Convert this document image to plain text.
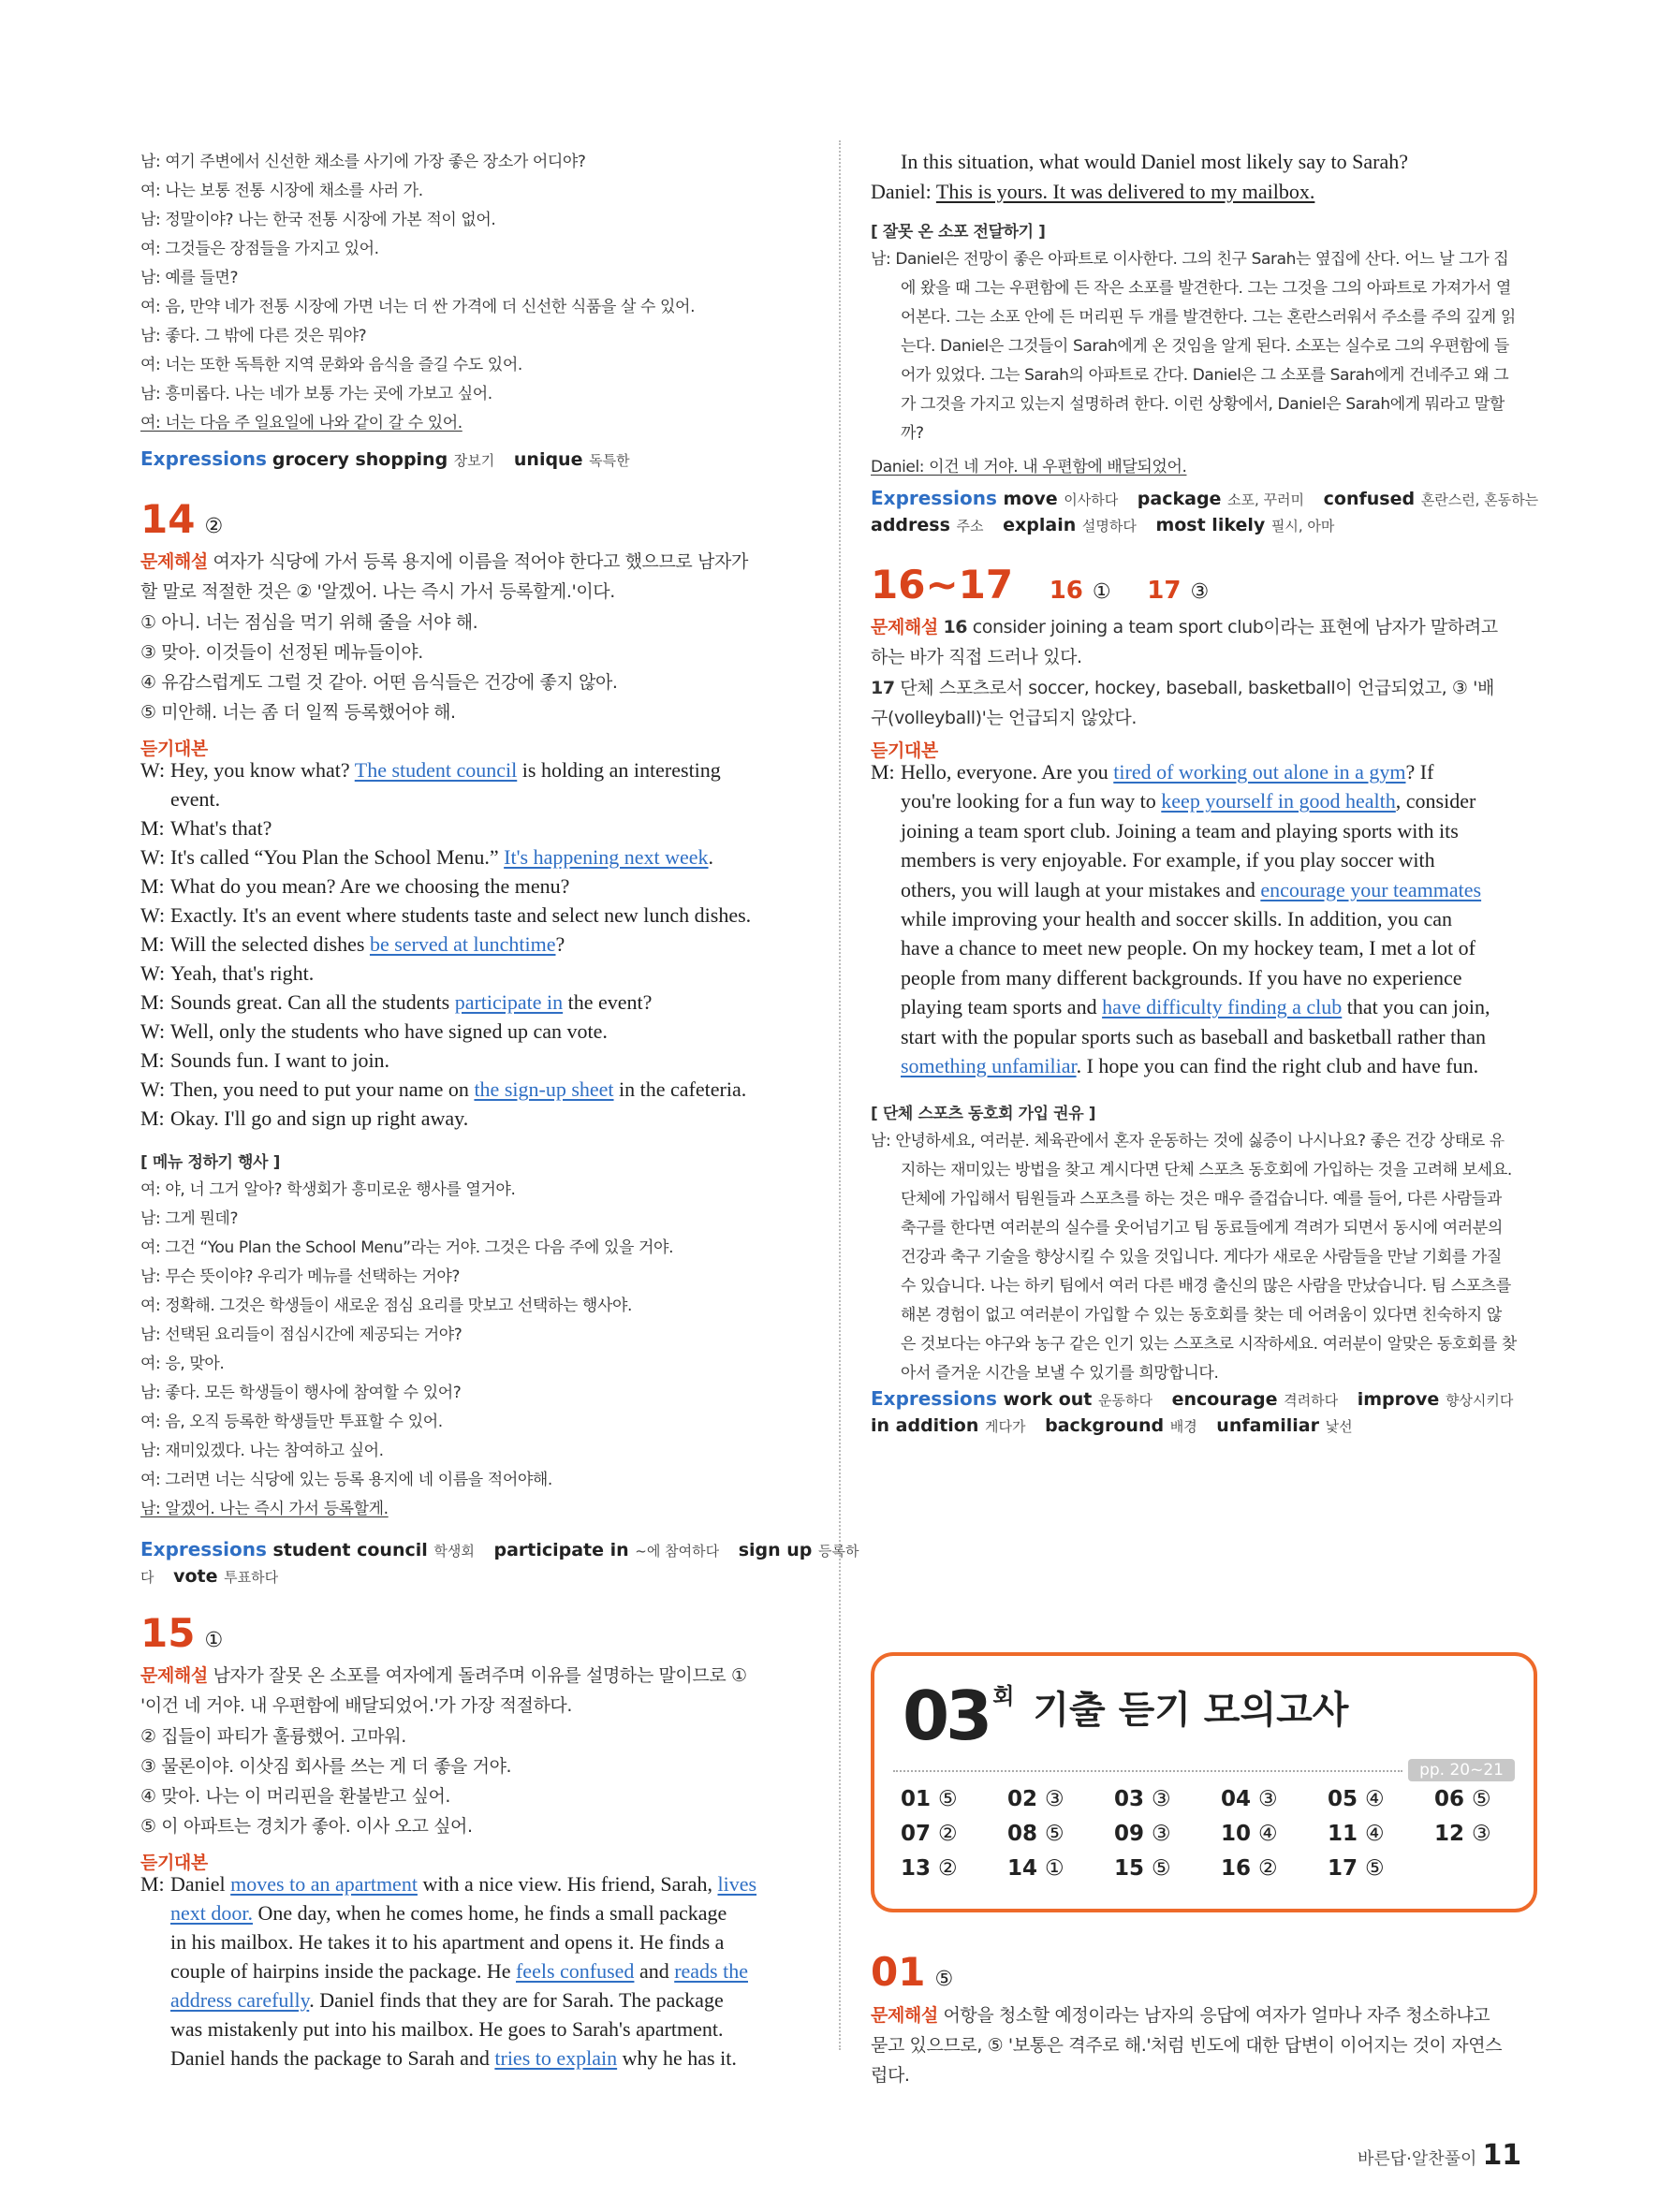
남: 여기 주변에서 신선한 채소를 사기에 가장 좋은 장소가 어디야?
여: 나는 보통 전통 시장에 채소를 사러 가.
남: 정말이야? 나는 한국 전통 시장에 가본 적이 없어.
여: 그것들은 장점들을 가지고 있어.
남: 예를 들면?
여: 음, 만약 네가 전통 시장에 가면 너는 더 싼 가격에 더 신선한 식품을 살 수 있어.
남: 좋다. 그 밖에 다른 것은 뭐야?
여: 너는 또한 독특한 지역 문화와 음식을 즐길 수도 있어.
남: 흥미롭다. 나는 네가 보통 가는 곳에 가보고 싶어.
여: 너는 다음 주 일요일에 나와 같이 갈 수 있어.
Expressions grocery shopping 장보기 unique 독특한
14 ②
문제해설 여자가 식당에 가서 등록 용지에 이름을 적어야 한다고 했으므로 남자가
할 말로 적절한 것은 ② '알겠어. 나는 즉시 가서 등록할게.'이다.
① 아니. 너는 점심을 먹기 위해 줄을 서야 해.
③ 맞아. 이것들이 선정된 메뉴들이야.
④ 유감스럽게도 그럴 것 같아. 어떤 음식들은 건강에 좋지 않아.
⑤ 미안해. 너는 좀 더 일찍 등록했어야 해.
듣기대본
W: Hey, you know what? The student council is holding an interesting
event.
M: What's that?
W: It's called “You Plan the School Menu.” It's happening next week.
M: What do you mean? Are we choosing the menu?
W: Exactly. It's an event where students taste and select new lunch dishes.
M: Will the selected dishes be served at lunchtime?
W: Yeah, that's right.
M: Sounds great. Can all the students participate in the event?
W: Well, only the students who have signed up can vote.
M: Sounds fun. I want to join.
W: Then, you need to put your name on the sign-up sheet in the cafeteria.
M: Okay. I'll go and sign up right away.
[ 메뉴 정하기 행사 ]
여: 야, 너 그거 알아? 학생회가 흥미로운 행사를 열거야.
남: 그게 뭔데?
여: 그건 “You Plan the School Menu”라는 거야. 그것은 다음 주에 있을 거야.
남: 무슨 뜻이야? 우리가 메뉴를 선택하는 거야?
여: 정확해. 그것은 학생들이 새로운 점심 요리를 맛보고 선택하는 행사야.
남: 선택된 요리들이 점심시간에 제공되는 거야?
여: 응, 맞아.
남: 좋다. 모든 학생들이 행사에 참여할 수 있어?
여: 음, 오직 등록한 학생들만 투표할 수 있어.
남: 재미있겠다. 나는 참여하고 싶어.
여: 그러면 너는 식당에 있는 등록 용지에 네 이름을 적어야해.
남: 알겠어. 나는 즉시 가서 등록할게.
Expressions student council 학생회 participate in ~에 참여하다 sign up 등록하
다 vote 투표하다
15 ①
문제해설 남자가 잘못 온 소포를 여자에게 돌려주며 이유를 설명하는 말이므로 ①
'이건 네 거야. 내 우편함에 배달되었어.'가 가장 적절하다.
② 집들이 파티가 훌륭했어. 고마워.
③ 물론이야. 이삿짐 회사를 쓰는 게 더 좋을 거야.
④ 맞아. 나는 이 머리핀을 환불받고 싶어.
⑤ 이 아파트는 경치가 좋아. 이사 오고 싶어.
듣기대본
M: Daniel moves to an apartment with a nice view. His friend, Sarah, lives
next door. One day, when he comes home, he finds a small package
in his mailbox. He takes it to his apartment and opens it. He finds a
couple of hairpins inside the package. He feels confused and reads the
address carefully. Daniel finds that they are for Sarah. The package
was mistakenly put into his mailbox. He goes to Sarah's apartment.
Daniel hands the package to Sarah and tries to explain why he has it.
In this situation, what would Daniel most likely say to Sarah?
Daniel: This is yours. It was delivered to my mailbox.
[ 잘못 온 소포 전달하기 ]
남: Daniel은 전망이 좋은 아파트로 이사한다. 그의 친구 Sarah는 옆집에 산다. 어느 날 그가 집
에 왔을 때 그는 우편함에 든 작은 소포를 발견한다. 그는 그것을 그의 아파트로 가져가서 열
어본다. 그는 소포 안에 든 머리핀 두 개를 발견한다. 그는 혼란스러워서 주소를 주의 깊게 읽
는다. Daniel은 그것들이 Sarah에게 온 것임을 알게 된다. 소포는 실수로 그의 우편함에 들
어가 있었다. 그는 Sarah의 아파트로 간다. Daniel은 그 소포를 Sarah에게 건네주고 왜 그
가 그것을 가지고 있는지 설명하려 한다. 이런 상황에서, Daniel은 Sarah에게 뭐라고 말할
까?
Daniel: 이건 네 거야. 내 우편함에 배달되었어.
Expressions move 이사하다 package 소포, 꾸러미 confused 혼란스런, 혼동하는
address 주소 explain 설명하다 most likely 필시, 아마
16~17 16 ① 17 ③
문제해설 16 consider joining a team sport club이라는 표현에 남자가 말하려고
하는 바가 직접 드러나 있다.
17 단체 스포츠로서 soccer, hockey, baseball, basketball이 언급되었고, ③ '배
구(volleyball)'는 언급되지 않았다.
듣기대본
M: Hello, everyone. Are you tired of working out alone in a gym? If
you're looking for a fun way to keep yourself in good health, consider
joining a team sport club. Joining a team and playing sports with its
members is very enjoyable. For example, if you play soccer with
others, you will laugh at your mistakes and encourage your teammates
while improving your health and soccer skills. In addition, you can
have a chance to meet new people. On my hockey team, I met a lot of
people from many different backgrounds. If you have no experience
playing team sports and have difficulty finding a club that you can join,
start with the popular sports such as baseball and basketball rather than
something unfamiliar. I hope you can find the right club and have fun.
[ 단체 스포츠 동호회 가입 권유 ]
남: 안녕하세요, 여러분. 체육관에서 혼자 운동하는 것에 싫증이 나시나요? 좋은 건강 상태로 유
지하는 재미있는 방법을 찾고 계시다면 단체 스포츠 동호회에 가입하는 것을 고려해 보세요.
단체에 가입해서 팀원들과 스포츠를 하는 것은 매우 즐겁습니다. 예를 들어, 다른 사람들과
축구를 한다면 여러분의 실수를 웃어넘기고 팀 동료들에게 격려가 되면서 동시에 여러분의
건강과 축구 기술을 향상시킬 수 있을 것입니다. 게다가 새로운 사람들을 만날 기회를 가질
수 있습니다. 나는 하키 팀에서 여러 다른 배경 출신의 많은 사람을 만났습니다. 팀 스포츠를
해본 경험이 없고 여러분이 가입할 수 있는 동호회를 찾는 데 어려움이 있다면 친숙하지 않
은 것보다는 야구와 농구 같은 인기 있는 스포츠로 시작하세요. 여러분이 알맞은 동호회를 찾
아서 즐거운 시간을 보낼 수 있기를 희망합니다.
Expressions work out 운동하다 encourage 격려하다 improve 향상시키다
in addition 게다가 background 배경 unfamiliar 낯선
01 ⑤
문제해설 어항을 청소할 예정이라는 남자의 응답에 여자가 얼마나 자주 청소하냐고
묻고 있으므로, ⑤ '보통은 격주로 해.'처럼 빈도에 대한 답변이 이어지는 것이 자연스
럽다.
03 회 기출 듣기 모의고사
pp. 20~21
01 ⑤ 02 ③ 03 ③ 04 ③ 05 ④ 06 ⑤
07 ② 08 ⑤ 09 ③ 10 ④ 11 ④ 12 ③
13 ② 14 ① 15 ⑤ 16 ② 17 ⑤
바른답·알찬풀이 11
